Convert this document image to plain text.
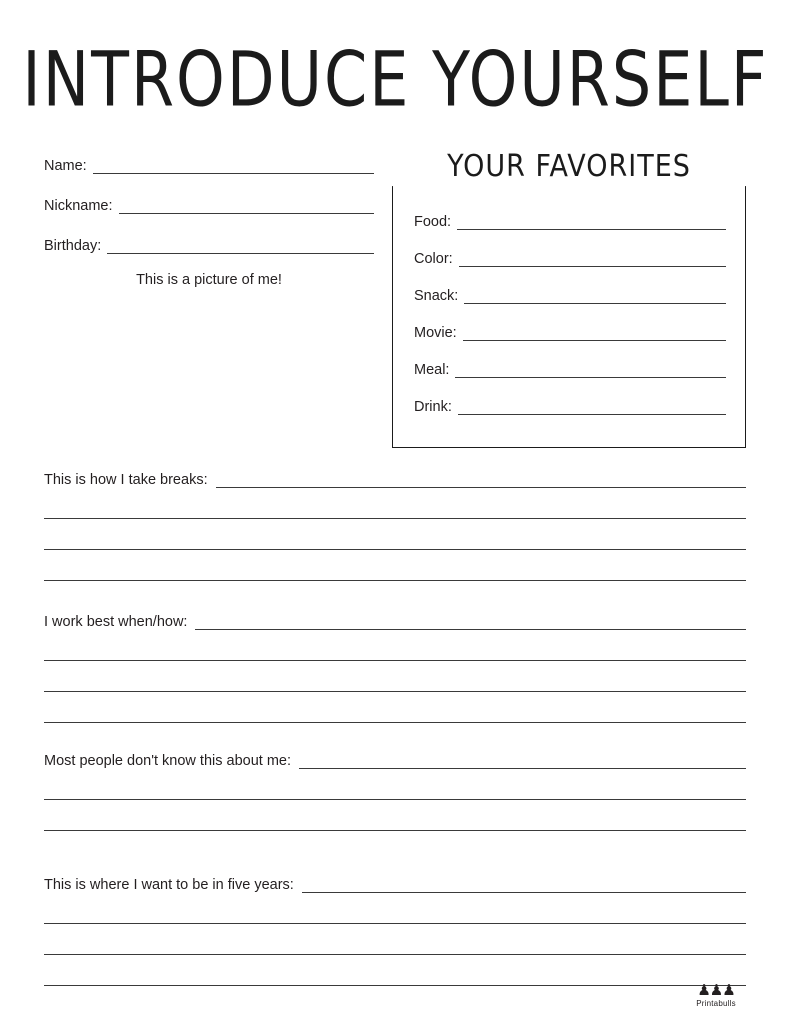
INTRODUCE YOURSELF
Name:
Nickname:
Birthday:
This is a picture of me!
YOUR FAVORITES
Food:
Color:
Snack:
Movie:
Meal:
Drink:
This is how I take breaks:
I work best when/how:
Most people don't know this about me:
This is where I want to be in five years:
♟♟♟
Printabulls
